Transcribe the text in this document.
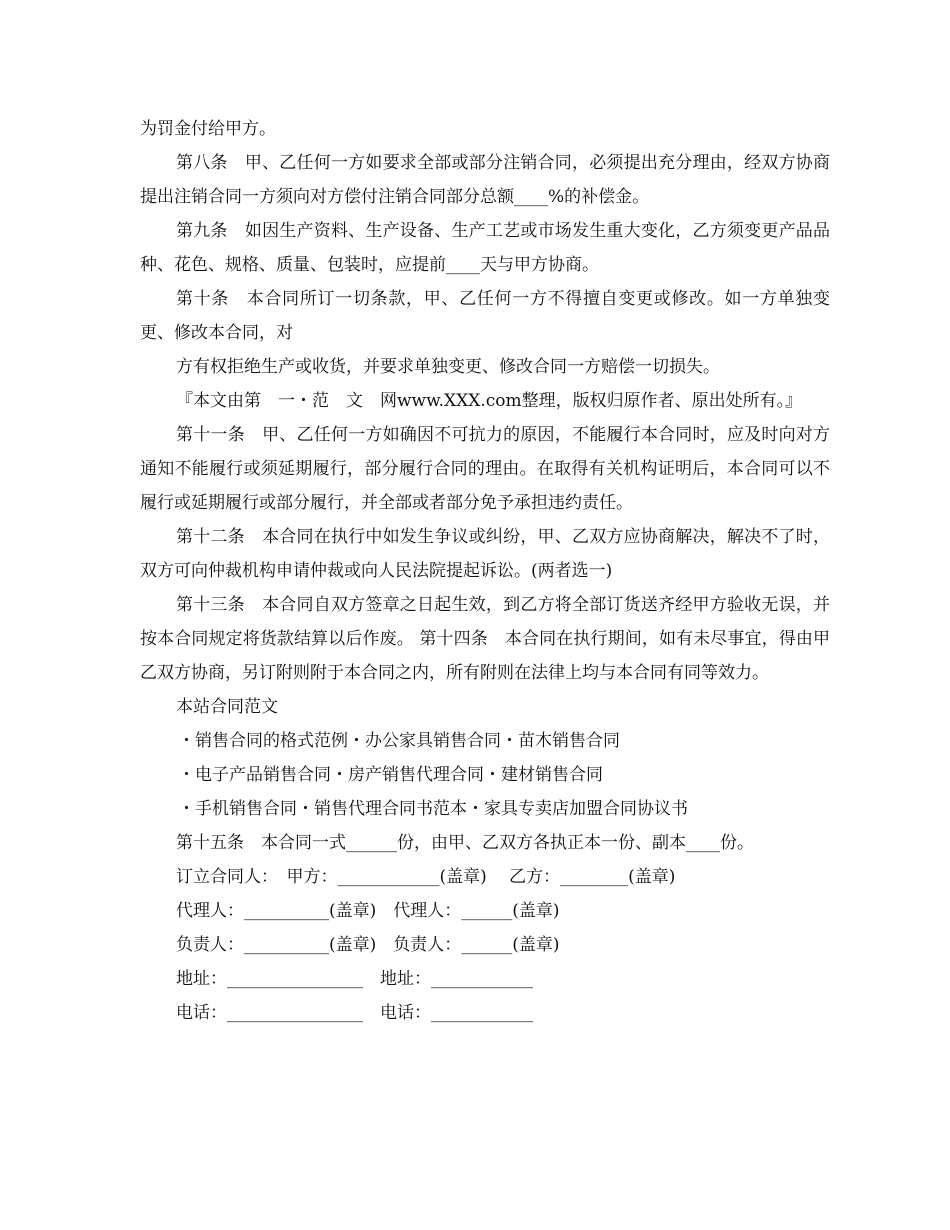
为罚金付给甲方。

第八条　甲、乙任何一方如要求全部或部分注销合同，必须提出充分理由，经双方协商提出注销合同一方须向对方偿付注销合同部分总额____%的补偿金。

第九条　如因生产资料、生产设备、生产工艺或市场发生重大变化，乙方须变更产品品种、花色、规格、质量、包装时，应提前____天与甲方协商。

第十条　本合同所订一切条款，甲、乙任何一方不得擅自变更或修改。如一方单独变更、修改本合同，对

方有权拒绝生产或收货，并要求单独变更、修改合同一方赔偿一切损失。

『本文由第　一・范　文　网www.XXX.com整理，版权归原作者、原出处所有。』

第十一条　甲、乙任何一方如确因不可抗力的原因，不能履行本合同时，应及时向对方通知不能履行或须延期履行，部分履行合同的理由。在取得有关机构证明后，本合同可以不履行或延期履行或部分履行，并全部或者部分免予承担违约责任。

第十二条　本合同在执行中如发生争议或纠纷，甲、乙双方应协商解决，解决不了时，双方可向仲裁机构申请仲裁或向人民法院提起诉讼。(两者选一)

第十三条　本合同自双方签章之日起生效，到乙方将全部订货送齐经甲方验收无误，并按本合同规定将货款结算以后作废。 第十四条　本合同在执行期间，如有未尽事宜，得由甲乙双方协商，另订附则附于本合同之内，所有附则在法律上均与本合同有同等效力。

本站合同范文

・销售合同的格式范例・办公家具销售合同・苗木销售合同

・电子产品销售合同・房产销售代理合同・建材销售合同

・手机销售合同・销售代理合同书范本・家具专卖店加盟合同协议书

第十五条　本合同一式______份，由甲、乙双方各执正本一份、副本____份。

订立合同人：　甲方：____________(盖章)　 乙方：________(盖章)

代理人：__________(盖章)　代理人：______(盖章)

负责人：__________(盖章)　负责人：______(盖章)

地址：________________　地址：____________

电话：________________　电话：____________
